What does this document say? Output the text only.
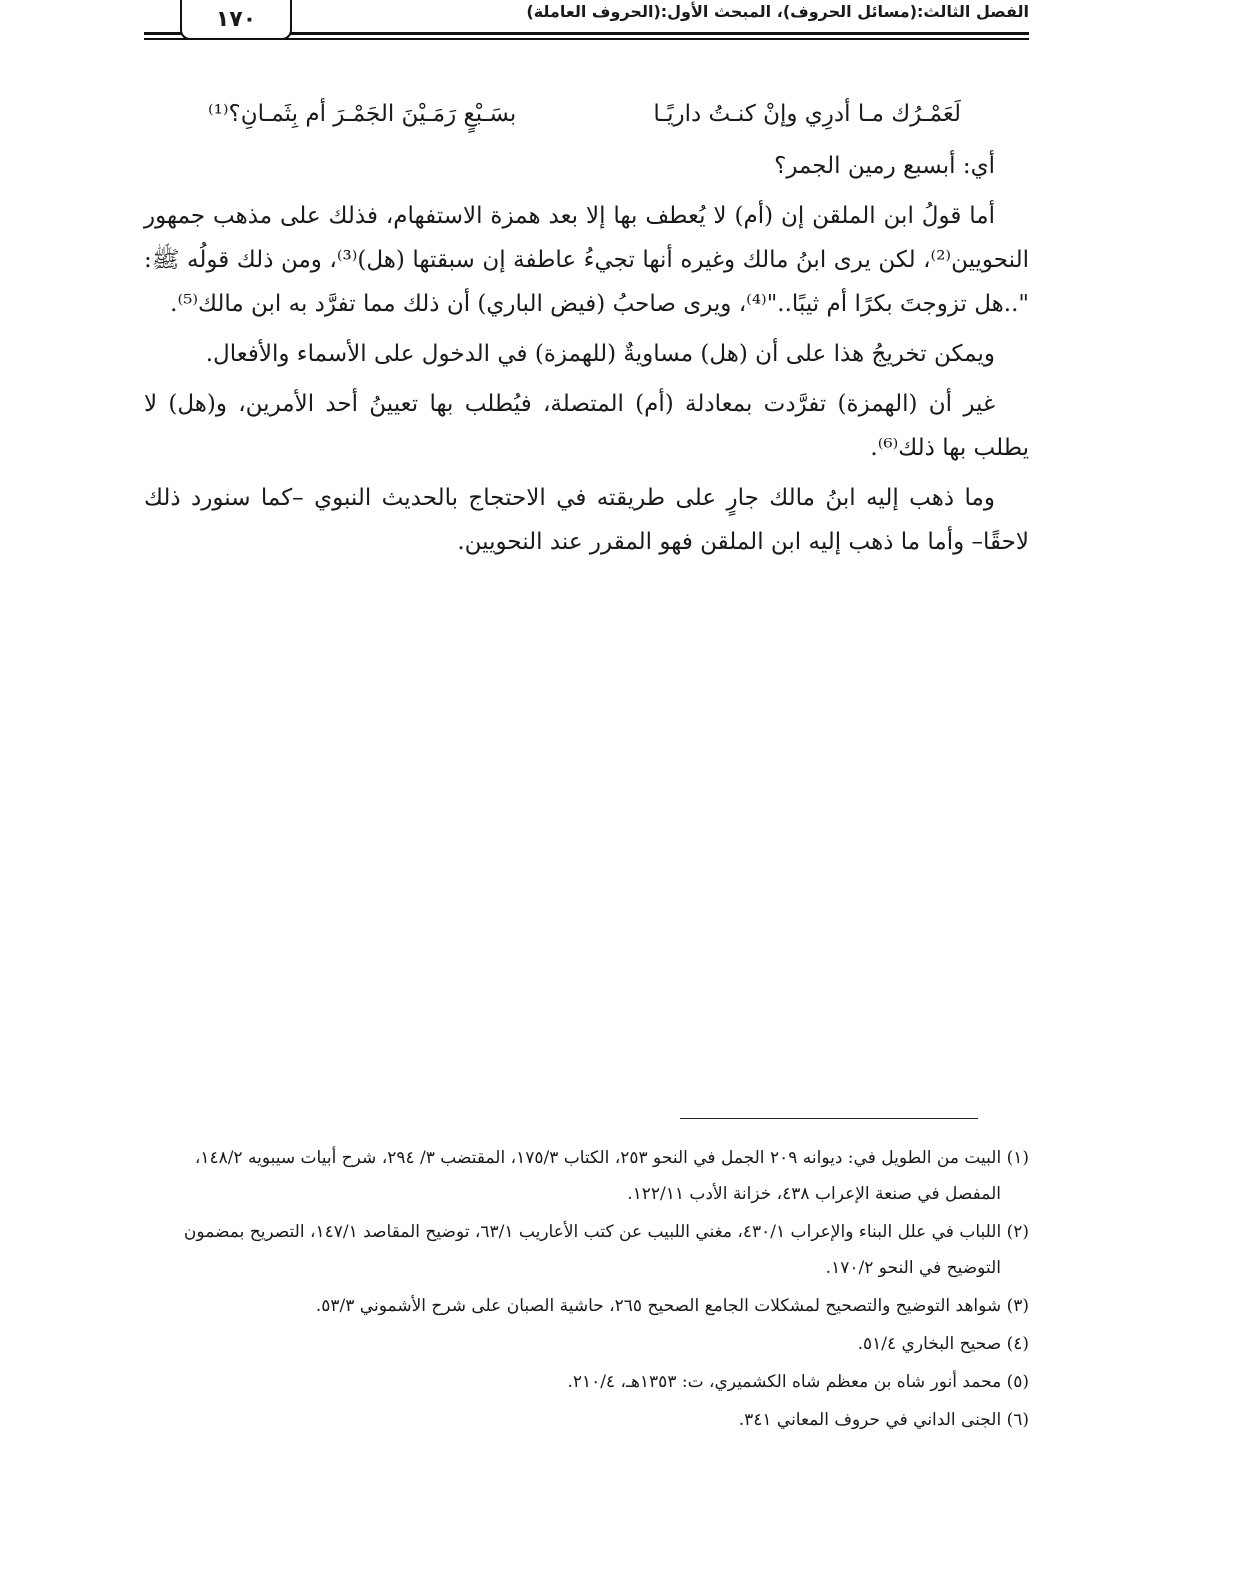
الفصل الثالث:(مسائل الحروف)، المبحث الأول:(الحروف العاملة)
١٧٠
لَعَمْـرُك مـا أدرِي وإنْ كنـتُ داريًـا
بسَـبْعٍ رَمَـيْنَ الجَمْـرَ أم بِثَمـانِ؟⁽¹⁾

أي: أبسبع رمين الجمر؟

أما قولُ ابن الملقن إن (أم) لا يُعطف بها إلا بعد همزة الاستفهام، فذلك على مذهب جمهور النحويين⁽²⁾، لكن يرى ابنُ مالك وغيره أنها تجيءُ عاطفة إن سبقتها (هل)⁽³⁾، ومن ذلك قولُه ﷺ: "..هل تزوجتَ بكرًا أم ثيبًا.."⁽⁴⁾، ويرى صاحبُ (فيض الباري) أن ذلك مما تفرَّد به ابن مالك⁽⁵⁾.

ويمكن تخريجُ هذا على أن (هل) مساويةٌ (للهمزة) في الدخول على الأسماء والأفعال.

غير أن (الهمزة) تفرَّدت بمعادلة (أم) المتصلة، فيُطلب بها تعيينُ أحد الأمرين، و(هل) لا يطلب بها ذلك⁽⁶⁾.

وما ذهب إليه ابنُ مالك جارٍ على طريقته في الاحتجاج بالحديث النبوي –كما سنورد ذلك لاحقًا– وأما ما ذهب إليه ابن الملقن فهو المقرر عند النحويين.

(١) البيت من الطويل في: ديوانه ٢٠٩ الجمل في النحو ٢٥٣، الكتاب ١٧٥/٣، المقتضب ٣/ ٢٩٤، شرح أبيات سيبويه ١٤٨/٢، المفصل في صنعة الإعراب ٤٣٨، خزانة الأدب ١٢٢/١١.

(٢) اللباب في علل البناء والإعراب ٤٣٠/١، مغني اللبيب عن كتب الأعاريب ٦٣/١، توضيح المقاصد ١٤٧/١، التصريح بمضمون التوضيح في النحو ١٧٠/٢.

(٣) شواهد التوضيح والتصحيح لمشكلات الجامع الصحيح ٢٦٥، حاشية الصبان على شرح الأشموني ٥٣/٣.

(٤) صحيح البخاري ٥١/٤.

(٥) محمد أنور شاه بن معظم شاه الكشميري، ت: ١٣٥٣هـ، ٢١٠/٤.

(٦) الجنى الداني في حروف المعاني ٣٤١.
